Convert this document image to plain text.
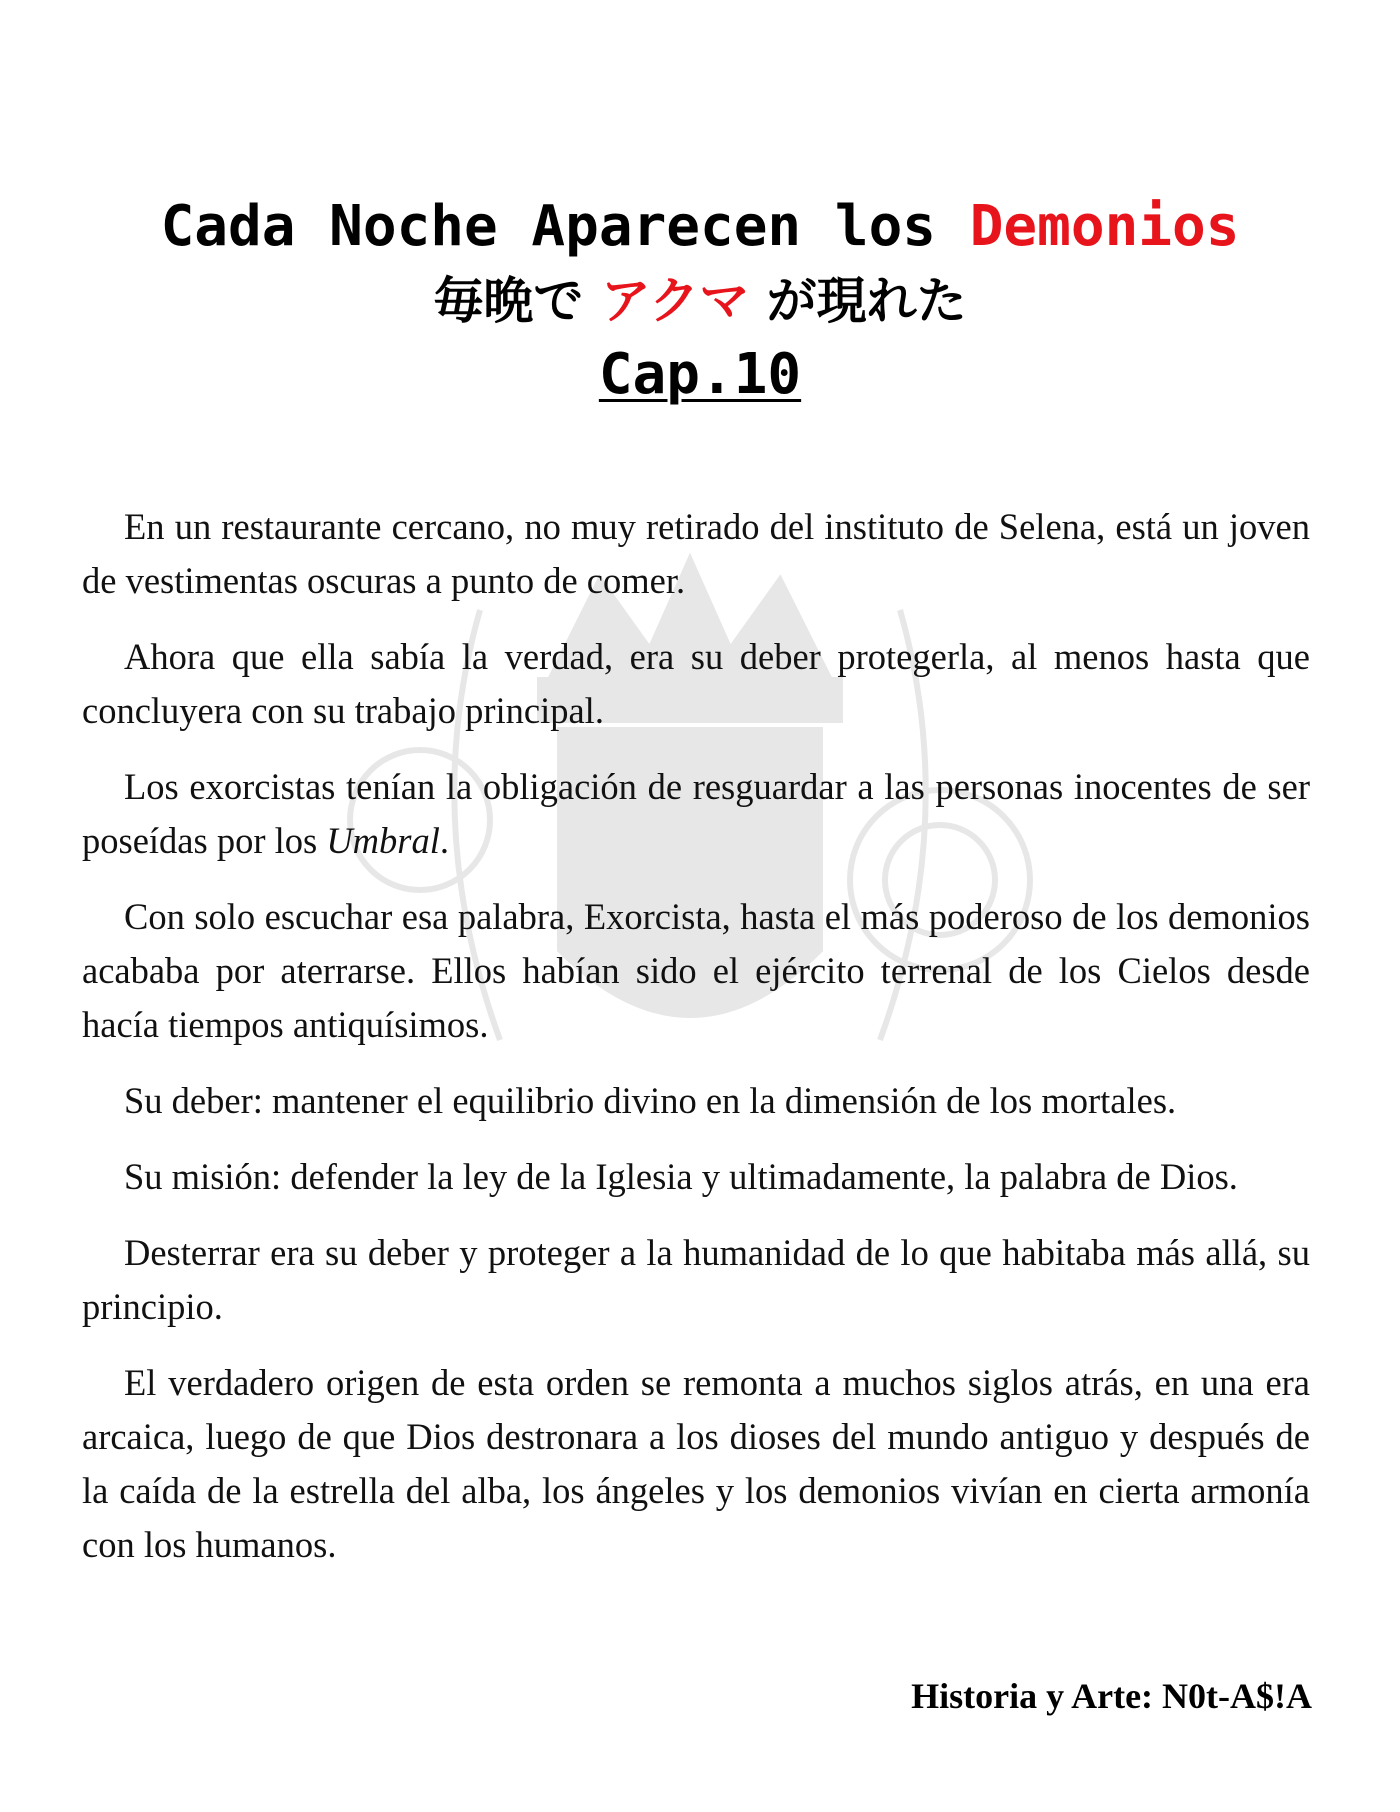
Cada Noche Aparecen los Demonios
毎晩で アクマ が現れた
Cap.10

En un restaurante cercano, no muy retirado del instituto de Selena, está un joven de vestimentas oscuras a punto de comer.

Ahora que ella sabía la verdad, era su deber protegerla, al menos hasta que concluyera con su trabajo principal.

Los exorcistas tenían la obligación de resguardar a las personas inocentes de ser poseídas por los Umbral.

Con solo escuchar esa palabra, Exorcista, hasta el más poderoso de los demonios acababa por aterrarse. Ellos habían sido el ejército terrenal de los Cielos desde hacía tiempos antiquísimos.

Su deber: mantener el equilibrio divino en la dimensión de los mortales.

Su misión: defender la ley de la Iglesia y ultimadamente, la palabra de Dios.

Desterrar era su deber y proteger a la humanidad de lo que habitaba más allá, su principio.

El verdadero origen de esta orden se remonta a muchos siglos atrás, en una era arcaica, luego de que Dios destronara a los dioses del mundo antiguo y después de la caída de la estrella del alba, los ángeles y los demonios vivían en cierta armonía con los humanos.

Historia y Arte: N0t-A$!A
